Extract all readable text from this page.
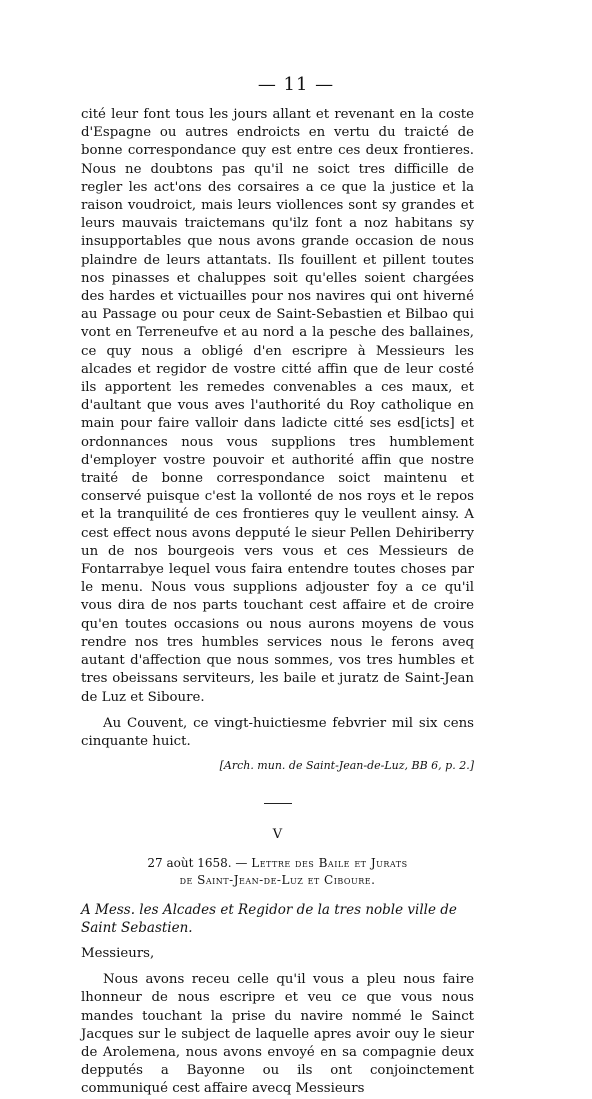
— 11 —

cité leur font tous les jours allant et revenant en la coste d'Espagne ou autres endroicts en vertu du traicté de bonne correspondance quy est entre ces deux frontieres. Nous ne doubtons pas qu'il ne soict tres difficille de regler les act'ons des corsaires a ce que la justice et la raison voudroict, mais leurs viollences sont sy grandes et leurs mauvais traictemans qu'ilz font a noz habitans sy insupportables que nous avons grande occasion de nous plaindre de leurs attantats. Ils fouillent et pillent toutes nos pinasses et chaluppes soit qu'elles soient chargées des hardes et victuailles pour nos navires qui ont hiverné au Passage ou pour ceux de Saint-Sebastien et Bilbao qui vont en Terreneufve et au nord a la pesche des ballaines, ce quy nous a obligé d'en escripre à Messieurs les alcades et regidor de vostre citté affin que de leur costé ils apportent les remedes convenables a ces maux, et d'aultant que vous aves l'authorité du Roy catholique en main pour faire valloir dans ladicte citté ses esd[icts] et ordonnances nous vous supplions tres humblement d'employer vostre pouvoir et authorité affin que nostre traité de bonne correspondance soict maintenu et conservé puisque c'est la vollonté de nos roys et le repos et la tranquilité de ces frontieres quy le veullent ainsy. A cest effect nous avons depputé le sieur Pellen Dehiriberry un de nos bourgeois vers vous et ces Messieurs de Fontarrabye lequel vous faira entendre toutes choses par le menu. Nous vous supplions adjouster foy a ce qu'il vous dira de nos parts touchant cest affaire et de croire qu'en toutes occasions ou nous aurons moyens de vous rendre nos tres humbles services nous le ferons aveq autant d'affection que nous sommes, vos tres humbles et tres obeissans serviteurs, les baile et juratz de Saint-Jean de Luz et Siboure.

Au Couvent, ce vingt-huictiesme febvrier mil six cens cinquante huict.

[Arch. mun. de Saint-Jean-de-Luz, BB 6, p. 2.]

V

27 aoùt 1658. — Lettre des Baile et Jurats
de Saint-Jean-de-Luz et Ciboure.

A Mess. les Alcades et Regidor de la tres noble ville de Saint Sebastien.

Messieurs,

Nous avons receu celle qu'il vous a pleu nous faire lhonneur de nous escripre et veu ce que vous nous mandes touchant la prise du navire nommé le Sainct Jacques sur le subject de laquelle apres avoir ouy le sieur de Arolemena, nous avons envoyé en sa compagnie deux depputés a Bayonne ou ils ont conjoinctement communiqué cest affaire avecq Messieurs
